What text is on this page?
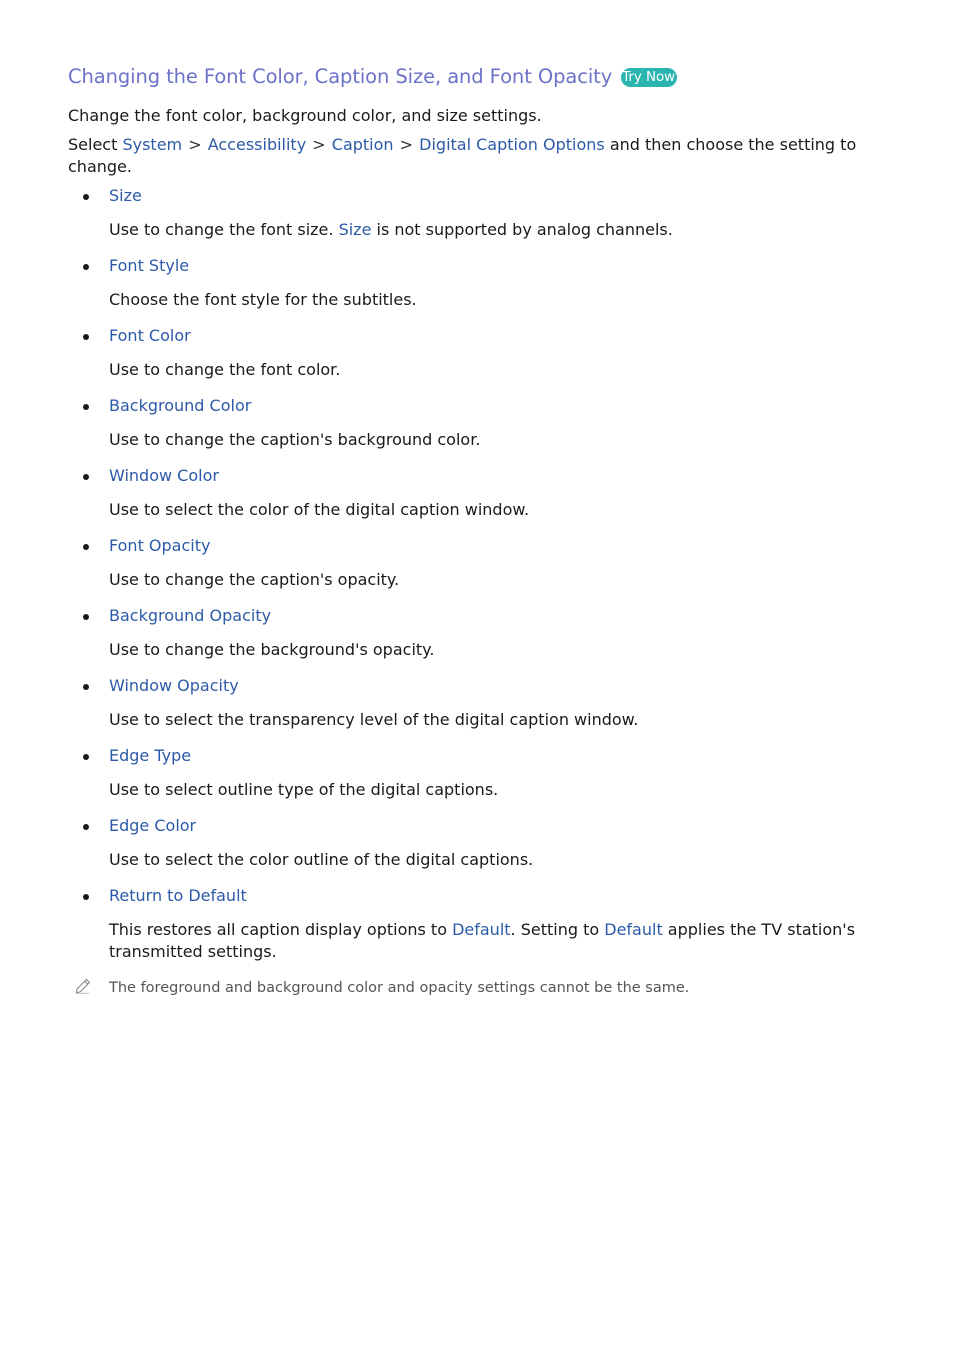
Changing the Font Color, Caption Size, and Font Opacity Try Now

Change the font color, background color, and size settings.

Select System > Accessibility > Caption > Digital Caption Options and then choose the setting to change.

Size
Use to change the font size. Size is not supported by analog channels.
Font Style
Choose the font style for the subtitles.
Font Color
Use to change the font color.
Background Color
Use to change the caption's background color.
Window Color
Use to select the color of the digital caption window.
Font Opacity
Use to change the caption's opacity.
Background Opacity
Use to change the background's opacity.
Window Opacity
Use to select the transparency level of the digital caption window.
Edge Type
Use to select outline type of the digital captions.
Edge Color
Use to select the color outline of the digital captions.
Return to Default
This restores all caption display options to Default. Setting to Default applies the TV station's transmitted settings.

The foreground and background color and opacity settings cannot be the same.
